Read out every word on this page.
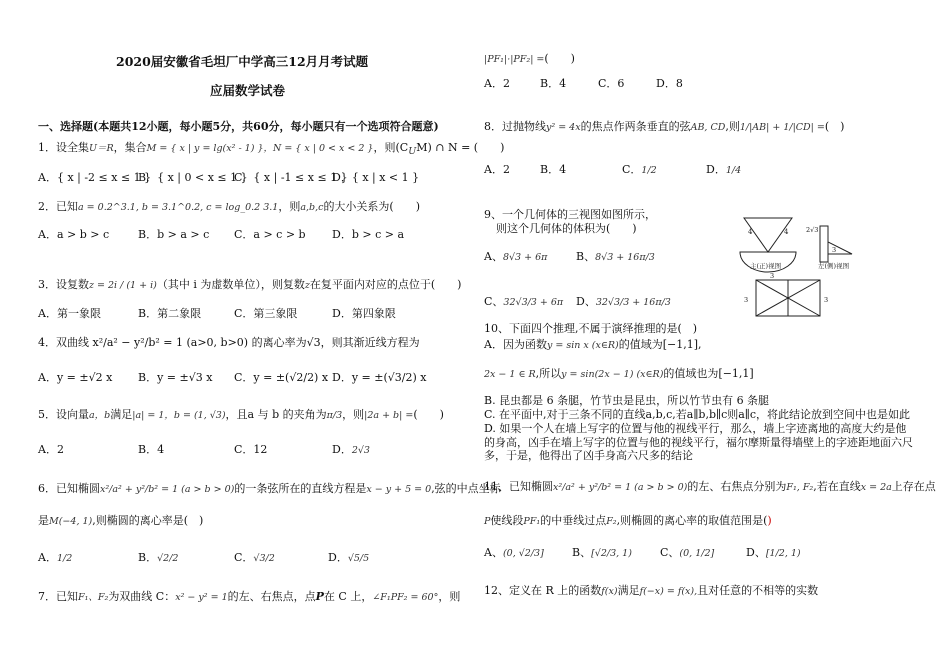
2020届安徽省毛坦厂中学高三12月月考试题
应届数学试卷
一、选择题(本题共12小题，每小题5分，共60分，每小题只有一个选项符合题意)
1．设全集U＝R，集合M = { x | y = lg(x² - 1) }，N = { x | 0 < x < 2 }，则$(C_UM)$ ∩ N = (　　)
A．{ x | -2 ≤ x ≤ 1 }
B．{ x | 0 < x ≤ 1 }
C．{ x | -1 ≤ x ≤ 1 }
D．{ x | x < 1 }
2．已知a = 0.2^3.1, b = 3.1^0.2, c = log_0.2 3.1，则a,b,c的大小关系为(　　)
A．a > b > c	B．b > a > c C．a > c > b D．b > c > a
3．设复数z = 2i / (1 + i)（其中 i 为虚数单位），则复数z在复平面内对应的点位于(　　)
A．第一象限	B．第二象限	C．第三象限	D．第四象限
4．双曲线 x²/a² − y²/b² = 1 (a>0, b>0) 的离心率为√3，则其渐近线方程为
A．y = ±√2 x B．y = ±√3 x C．y = ±(√2/2) x D．y = ±(√3/2) x
5．设向量a，b满足|a| = 1，b = (1, √3)，且a 与 b 的夹角为π/3，则|2a + b| =(　　)
A．2	B．4	C．12	D．2√3
6．已知椭圆x²/a² + y²/b² = 1 (a > b > 0)的一条弦所在的直线方程是x − y + 5 = 0,弦的中点坐标
是M(−4, 1),则椭圆的离心率是(　)
A．1/2	B．√2/2	C．√3/2	D．√5/5
7．已知F₁、F₂为双曲线 C：x² − y² = 1的左、右焦点，点P在 C 上，∠F₁PF₂ = 60°，则
|PF₁|·|PF₂| =(　　)
A．2	B．4	C．6	D．8
8．过抛物线y² = 4x的焦点作两条垂直的弦AB, CD,则1/|AB| + 1/|CD| =(　)
A．2	B．4	C．1/2	D．1/4
9、一个几何体的三视图如图所示，
则这个几何体的体积为(　　)
A、8√3 + 6π	B、8√3 + 16π/3
C、32√3/3 + 6π D、32√3/3 + 16π/3
4	4	2√3
3
主(正)视图	左(侧)视图
3
3
3
10、下面四个推理,不属于演绎推理的是(　)
A．因为函数y = sin x (x∈R)的值域为[−1,1],
2x − 1 ∈ R,所以y = sin(2x − 1) (x∈R)的值域也为[−1,1]
B. 昆虫都是 6 条腿，竹节虫是昆虫，所以竹节虫有 6 条腿
C. 在平面中,对于三条不同的直线a,b,c,若a∥b,b∥c则a∥c，将此结论放到空间中也是如此
D. 如果一个人在墙上写字的位置与他的视线平行，那么，墙上字迹离地的高度大约是他的身高，凶手在墙上写字的位置与他的视线平行，福尔摩斯量得墙壁上的字迹距地面六尺多，于是，他得出了凶手身高六尺多的结论
11、已知椭圆x²/a² + y²/b² = 1 (a > b > 0)的左、右焦点分别为F₁, F₂,若在直线x = 2a上存在点
P使线段PF₁的中垂线过点F₂,则椭圆的离心率的取值范围是()
A、(0, √2/3]	B、[√2/3, 1)	C、(0, 1/2]	D、[1/2, 1)
12、定义在 R 上的函数f(x)满足f(−x) = f(x),且对任意的不相等的实数
